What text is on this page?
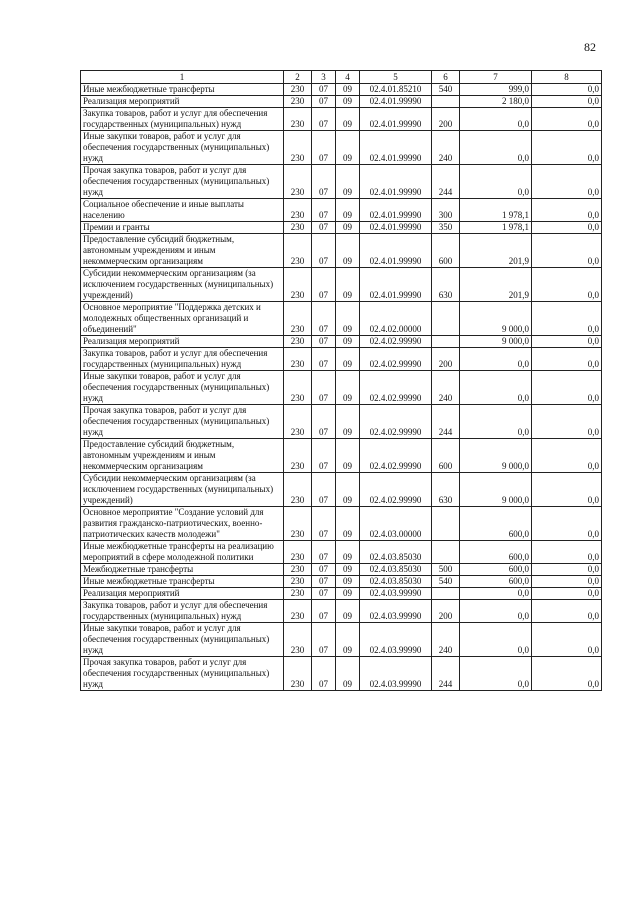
82
1	2	3	4	5	6	7	8
Иные межбюджетные трансферты	230	07	09	02.4.01.85210	540	999,0	0,0
Реализация мероприятий	230	07	09	02.4.01.99990		2 180,0	0,0
Закупка товаров, работ и услуг для обеспечения государственных (муниципальных) нужд	230	07	09	02.4.01.99990	200	0,0	0,0
Иные закупки товаров, работ и услуг для обеспечения государственных (муниципальных) нужд	230	07	09	02.4.01.99990	240	0,0	0,0
Прочая закупка товаров, работ и услуг для обеспечения государственных (муниципальных) нужд	230	07	09	02.4.01.99990	244	0,0	0,0
Социальное обеспечение и иные выплаты населению	230	07	09	02.4.01.99990	300	1 978,1	0,0
Премии и гранты	230	07	09	02.4.01.99990	350	1 978,1	0,0
Предоставление субсидий бюджетным, автономным учреждениям и иным некоммерческим организациям	230	07	09	02.4.01.99990	600	201,9	0,0
Субсидии некоммерческим организациям (за исключением государственных (муниципальных) учреждений)	230	07	09	02.4.01.99990	630	201,9	0,0
Основное мероприятие "Поддержка детских и молодежных общественных организаций и объединений"	230	07	09	02.4.02.00000		9 000,0	0,0
Реализация мероприятий	230	07	09	02.4.02.99990		9 000,0	0,0
Закупка товаров, работ и услуг для обеспечения государственных (муниципальных) нужд	230	07	09	02.4.02.99990	200	0,0	0,0
Иные закупки товаров, работ и услуг для обеспечения государственных (муниципальных) нужд	230	07	09	02.4.02.99990	240	0,0	0,0
Прочая закупка товаров, работ и услуг для обеспечения государственных (муниципальных) нужд	230	07	09	02.4.02.99990	244	0,0	0,0
Предоставление субсидий бюджетным, автономным учреждениям и иным некоммерческим организациям	230	07	09	02.4.02.99990	600	9 000,0	0,0
Субсидии некоммерческим организациям (за исключением государственных (муниципальных) учреждений)	230	07	09	02.4.02.99990	630	9 000,0	0,0
Основное мероприятие "Создание условий для развития гражданско-патриотических, военно-патриотических качеств молодежи"	230	07	09	02.4.03.00000		600,0	0,0
Иные межбюджетные трансферты на реализацию мероприятий в сфере молодежной политики	230	07	09	02.4.03.85030		600,0	0,0
Межбюджетные трансферты	230	07	09	02.4.03.85030	500	600,0	0,0
Иные межбюджетные трансферты	230	07	09	02.4.03.85030	540	600,0	0,0
Реализация мероприятий	230	07	09	02.4.03.99990		0,0	0,0
Закупка товаров, работ и услуг для обеспечения государственных (муниципальных) нужд	230	07	09	02.4.03.99990	200	0,0	0,0
Иные закупки товаров, работ и услуг для обеспечения государственных (муниципальных) нужд	230	07	09	02.4.03.99990	240	0,0	0,0
Прочая закупка товаров, работ и услуг для обеспечения государственных (муниципальных) нужд	230	07	09	02.4.03.99990	244	0,0	0,0
